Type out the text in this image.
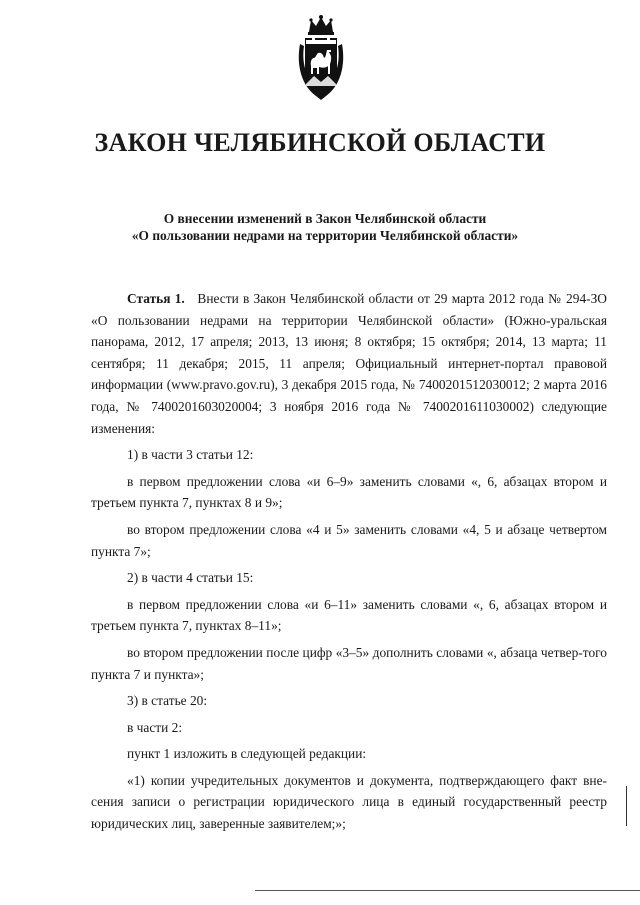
ЗАКОН ЧЕЛЯБИНСКОЙ ОБЛАСТИ
О внесении изменений в Закон Челябинской области
«О пользовании недрами на территории Челябинской области»

Статья 1. Внести в Закон Челябинской области от 29 марта 2012 года № 294-ЗО «О пользовании недрами на территории Челябинской области» (Южно-уральская панорама, 2012, 17 апреля; 2013, 13 июня; 8 октября; 15 октября; 2014, 13 марта; 11 сентября; 11 декабря; 2015, 11 апреля; Официальный интернет-портал правовой информации (www.pravo.gov.ru), 3 декабря 2015 года, № 7400201512030012; 2 марта 2016 года, № 7400201603020004; 3 ноября 2016 года № 7400201611030002) следующие изменения:

1) в части 3 статьи 12:

в первом предложении слова «и 6–9» заменить словами «, 6, абзацах втором и третьем пункта 7, пунктах 8 и 9»;

во втором предложении слова «4 и 5» заменить словами «4, 5 и абзаце четвертом пункта 7»;

2) в части 4 статьи 15:

в первом предложении слова «и 6–11» заменить словами «, 6, абзацах втором и третьем пункта 7, пунктах 8–11»;

во втором предложении после цифр «3–5» дополнить словами «, абзаца четвер-того пункта 7 и пункта»;

3) в статье 20:

в части 2:

пункт 1 изложить в следующей редакции:

«1) копии учредительных документов и документа, подтверждающего факт вне-сения записи о регистрации юридического лица в единый государственный реестр юридических лиц, заверенные заявителем;»;
